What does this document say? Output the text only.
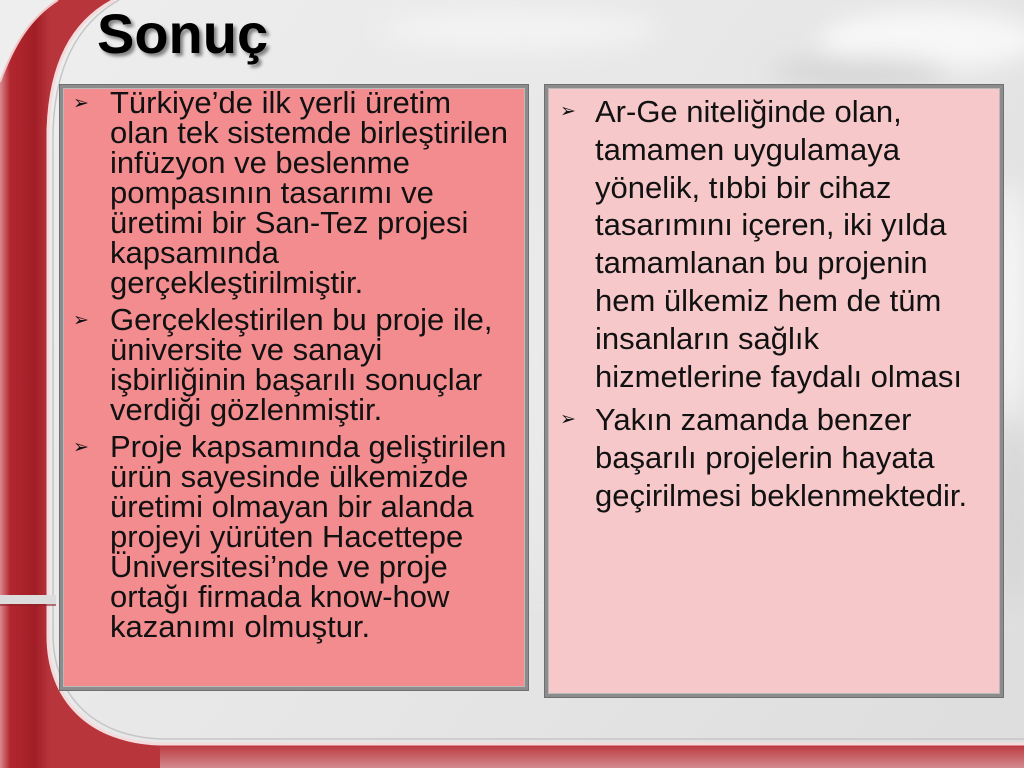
Sonuç
➢ Türkiye’de ilk yerli üretim
olan tek sistemde birleştirilen
infüzyon ve beslenme
pompasının tasarımı ve
üretimi bir San-Tez projesi
kapsamında
gerçekleştirilmiştir.
➢ Gerçekleştirilen bu proje ile,
üniversite ve sanayi
işbirliğinin başarılı sonuçlar
verdiği gözlenmiştir.
➢ Proje kapsamında geliştirilen
ürün sayesinde ülkemizde
üretimi olmayan bir alanda
projeyi yürüten Hacettepe
Üniversitesi’nde ve proje
ortağı firmada know-how
kazanımı olmuştur.
➢ Ar-Ge niteliğinde olan,
tamamen uygulamaya
yönelik, tıbbi bir cihaz
tasarımını içeren, iki yılda
tamamlanan bu projenin
hem ülkemiz hem de tüm
insanların sağlık
hizmetlerine faydalı olması
➢ Yakın zamanda benzer
başarılı projelerin hayata
geçirilmesi beklenmektedir.
